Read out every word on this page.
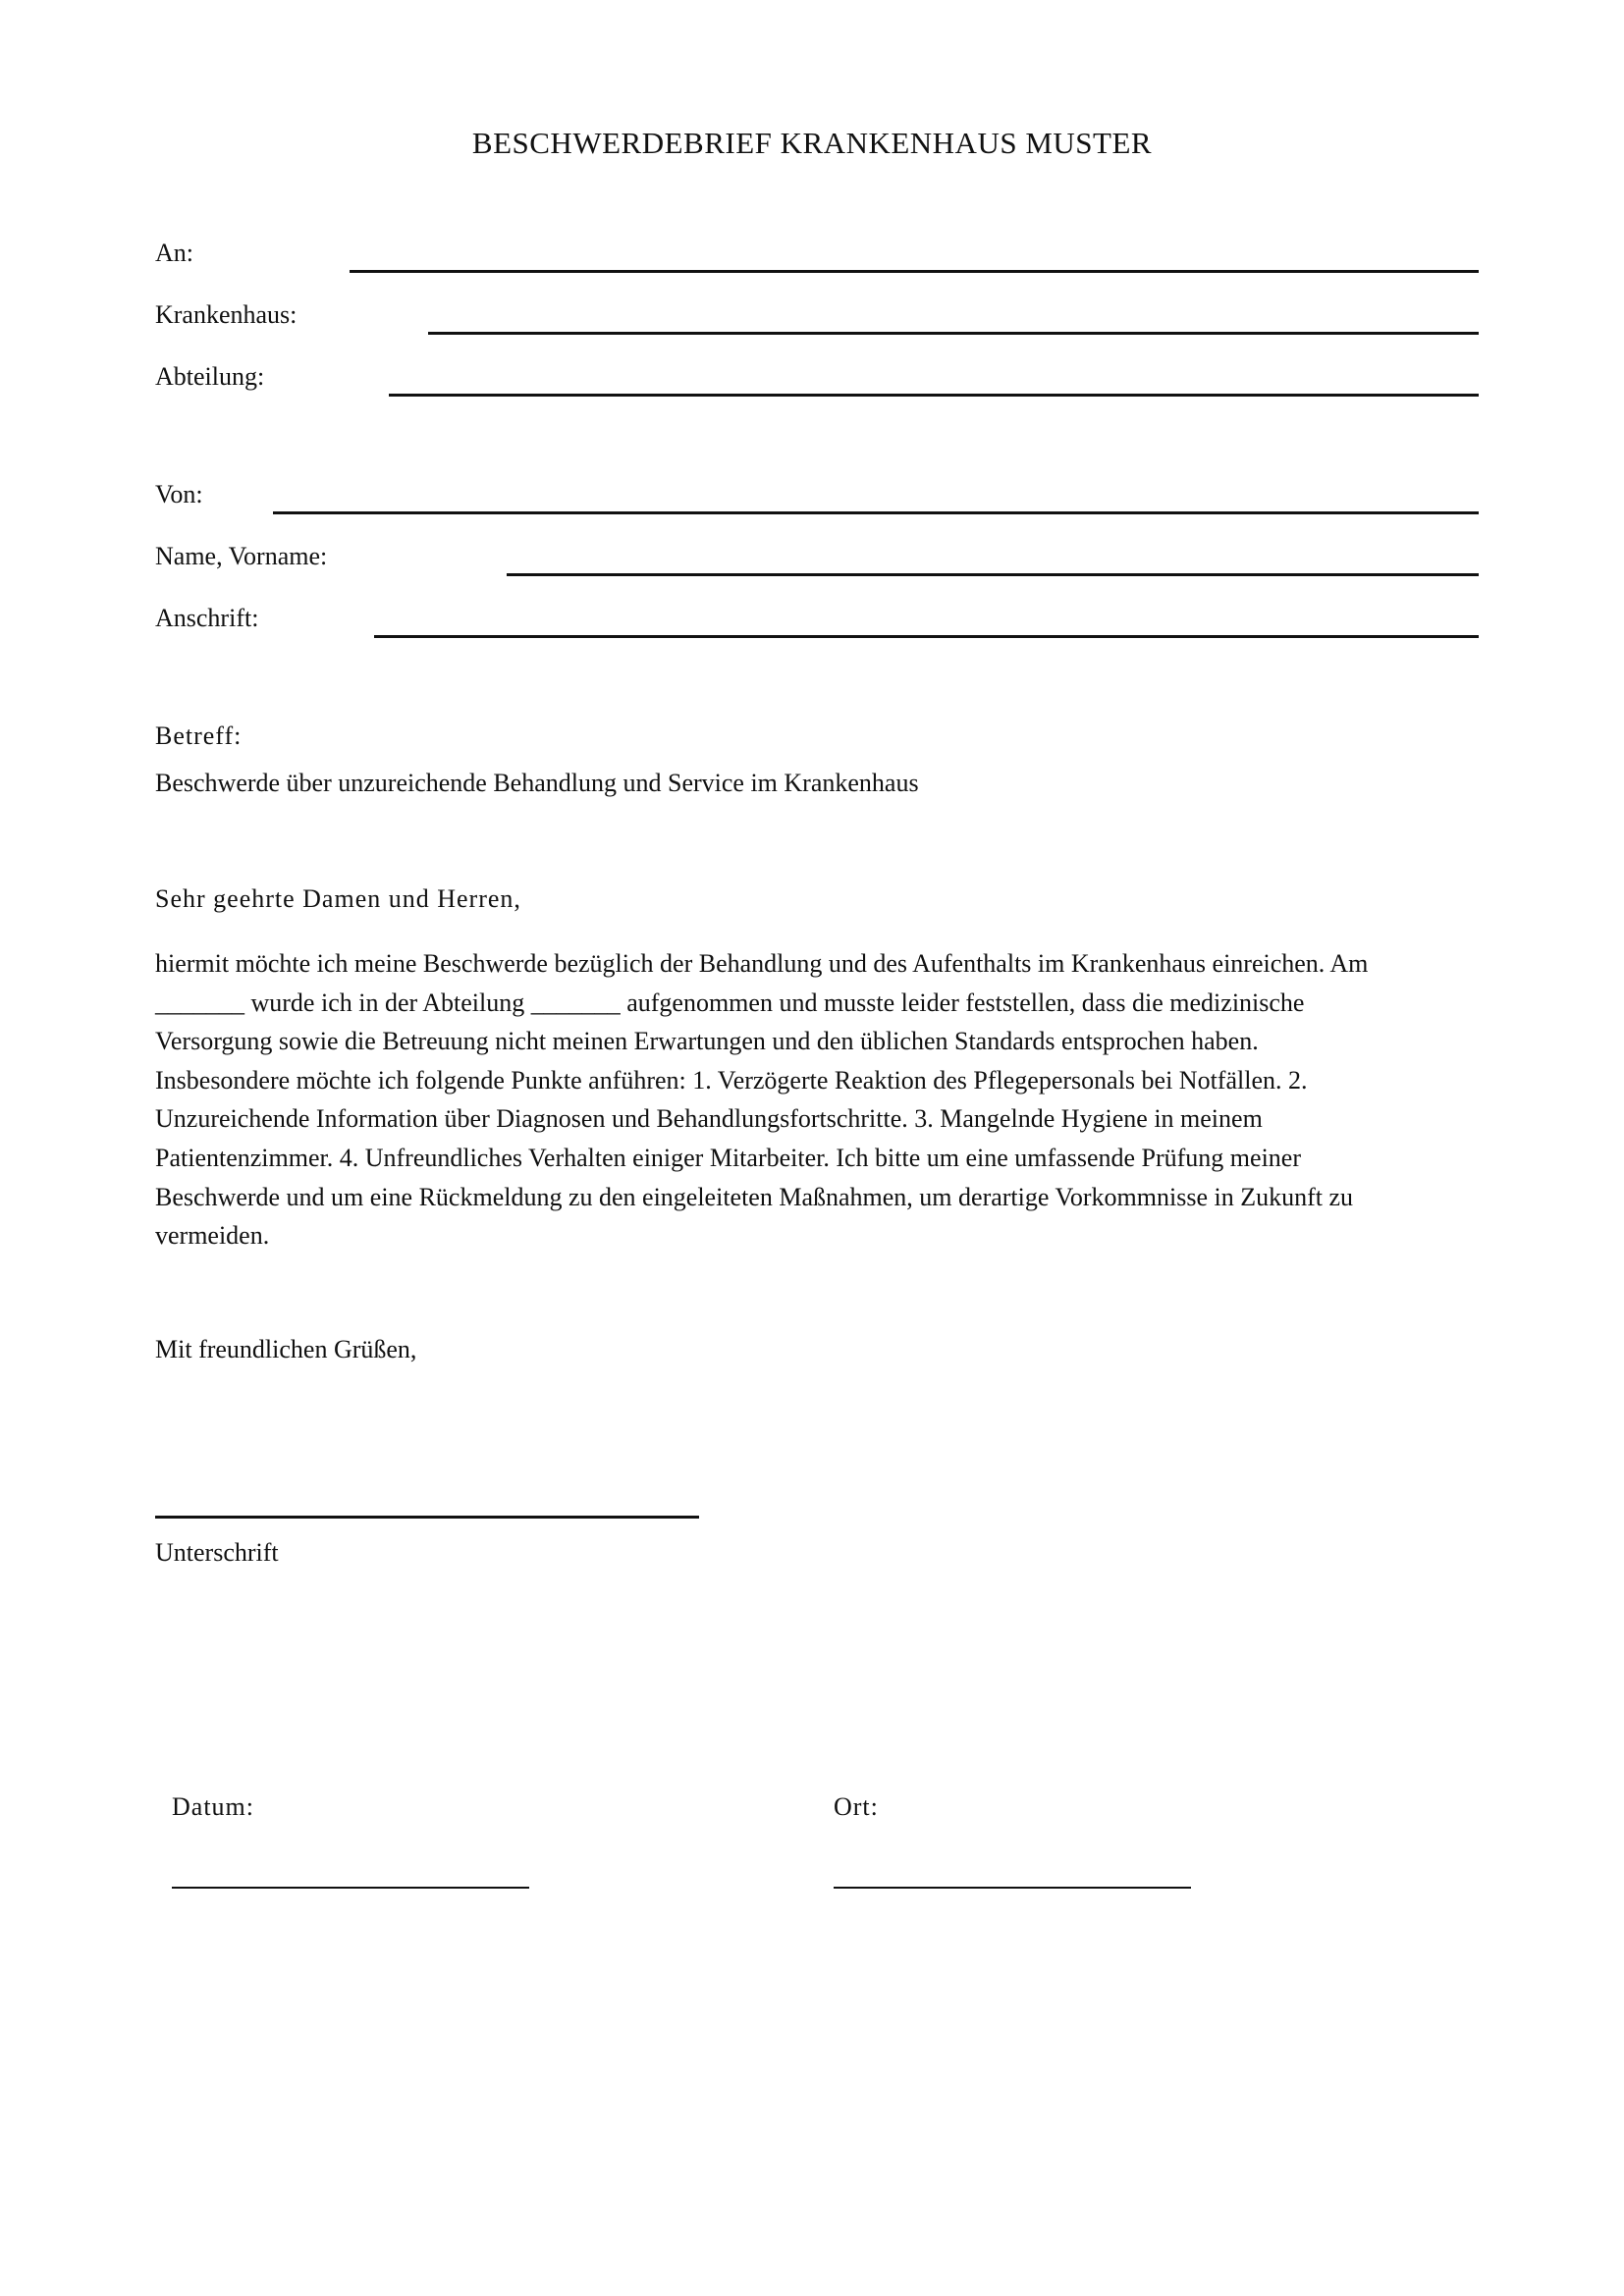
BESCHWERDEBRIEF KRANKENHAUS MUSTER
An:
Krankenhaus:
Abteilung:
Von:
Name, Vorname:
Anschrift:
Betreff:
Beschwerde über unzureichende Behandlung und Service im Krankenhaus
Sehr geehrte Damen und Herren,
hiermit möchte ich meine Beschwerde bezüglich der Behandlung und des Aufenthalts im Krankenhaus einreichen. Am
_______ wurde ich in der Abteilung _______ aufgenommen und musste leider feststellen, dass die medizinische
Versorgung sowie die Betreuung nicht meinen Erwartungen und den üblichen Standards entsprochen haben.
Insbesondere möchte ich folgende Punkte anführen: 1. Verzögerte Reaktion des Pflegepersonals bei Notfällen. 2.
Unzureichende Information über Diagnosen und Behandlungsfortschritte. 3. Mangelnde Hygiene in meinem
Patientenzimmer. 4. Unfreundliches Verhalten einiger Mitarbeiter. Ich bitte um eine umfassende Prüfung meiner
Beschwerde und um eine Rückmeldung zu den eingeleiteten Maßnahmen, um derartige Vorkommnisse in Zukunft zu
vermeiden.
Mit freundlichen Grüßen,
Unterschrift
Datum:	Ort:
